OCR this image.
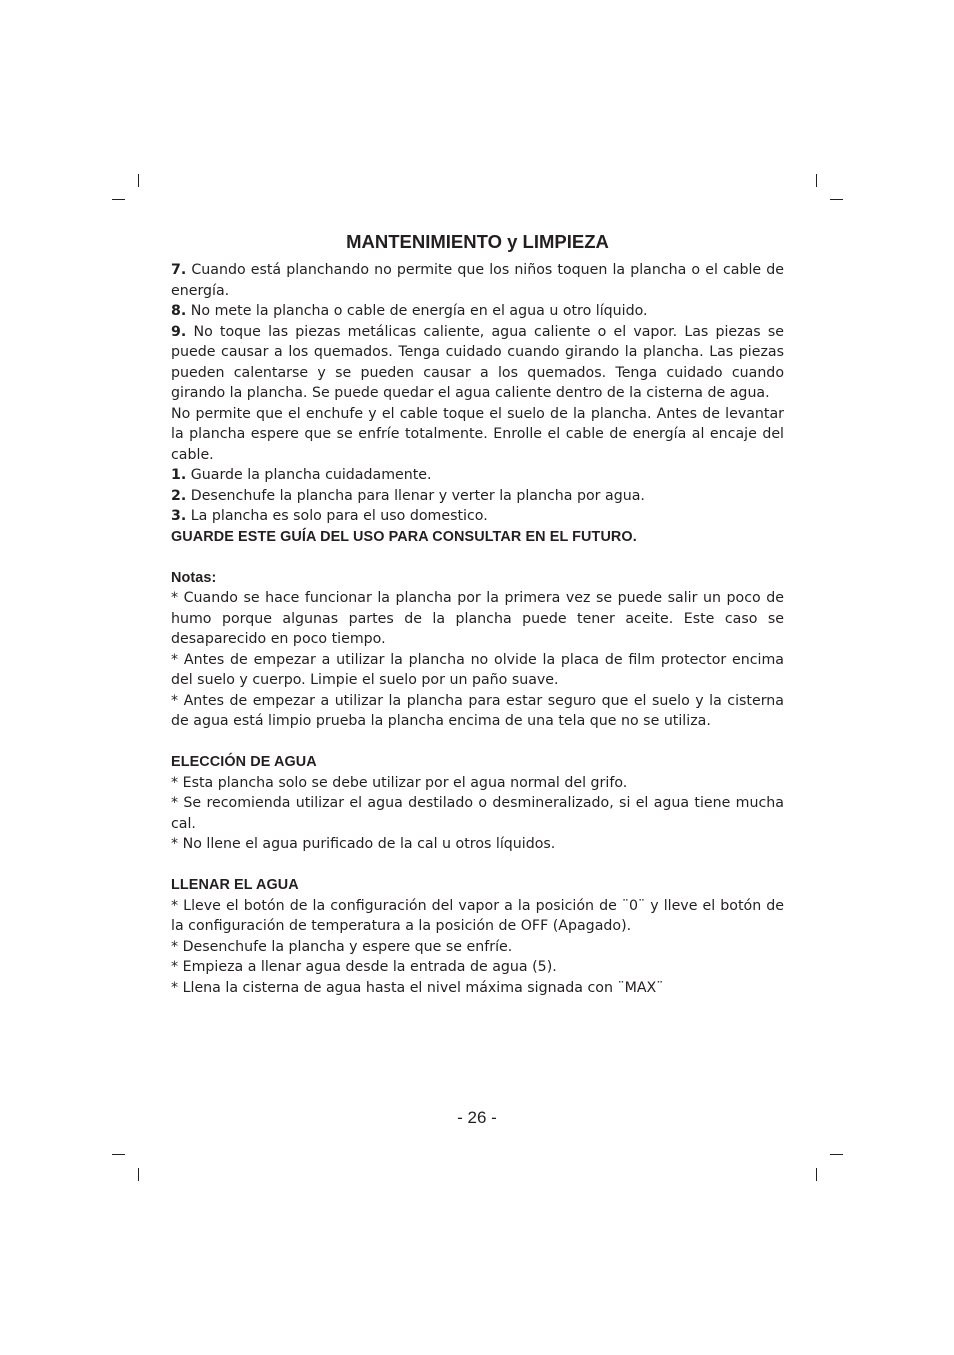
MANTENIMIENTO y LIMPIEZA

7. Cuando está planchando no permite que los niños toquen la plancha o el cable de energía.

8. No mete la plancha o cable de energía en el agua u otro líquido.

9. No toque las piezas metálicas caliente, agua caliente o el vapor. Las piezas se puede causar a los quemados. Tenga cuidado cuando girando la plancha. Las piezas pueden calentarse y se pueden causar a los quemados. Tenga cuidado cuando girando la plancha. Se puede quedar el agua caliente dentro de la cisterna de agua.

No permite que el enchufe y el cable toque el suelo de la plancha. Antes de levantar la plancha espere que se enfríe totalmente. Enrolle el cable de energía al encaje del cable.

1. Guarde la plancha cuidadamente.

2. Desenchufe la plancha para llenar y verter la plancha por agua.

3. La plancha es solo para el uso domestico.

GUARDE ESTE GUÍA DEL USO PARA CONSULTAR EN EL FUTURO.

Notas:

* Cuando se hace funcionar la plancha por la primera vez se puede salir un poco de humo porque algunas partes de la plancha puede tener aceite. Este caso se desaparecido en poco tiempo.

* Antes de empezar a utilizar la plancha no olvide la placa de film protector encima del suelo y cuerpo. Limpie el suelo por un paño suave.

* Antes de empezar a utilizar la plancha para estar seguro que el suelo y la cisterna de agua está limpio prueba la plancha encima de una tela que no se utiliza.

ELECCIÓN DE AGUA

* Esta plancha solo se debe utilizar por el agua normal del grifo.

* Se recomienda utilizar el agua destilado o desmineralizado, si el agua tiene mucha cal.

* No llene el agua purificado de la cal u otros líquidos.

LLENAR EL AGUA

* Lleve el botón de la configuración del vapor a la posición de ¨0¨ y lleve el botón de la configuración de temperatura a la posición de OFF (Apagado).

* Desenchufe la plancha y espere que se enfríe.

* Empieza a llenar agua desde la entrada de agua (5).

* Llena la cisterna de agua hasta el nivel máxima signada con ¨MAX¨

- 26 -
